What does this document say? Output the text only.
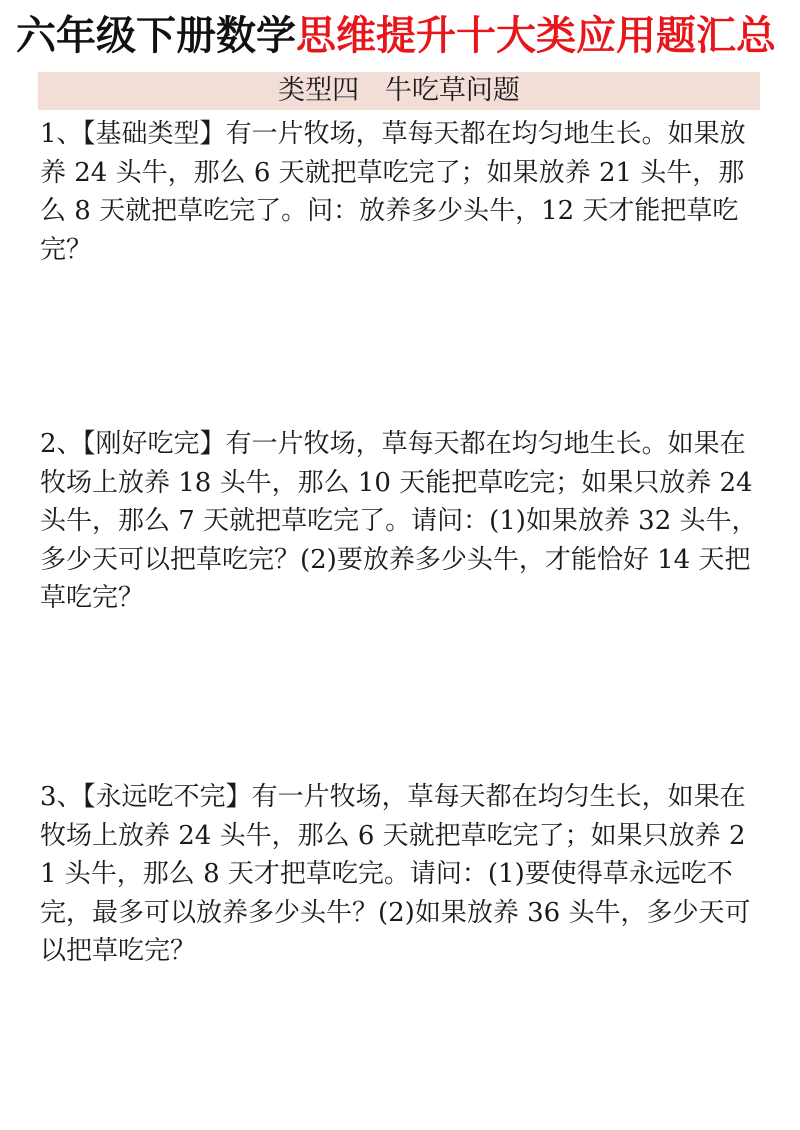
六年级下册数学思维提升十大类应用题汇总
类型四   牛吃草问题

1、【基础类型】有一片牧场，草每天都在均匀地生长。如果放养 24 头牛，那么 6 天就把草吃完了；如果放养 21 头牛，那么 8 天就把草吃完了。问：放养多少头牛，12 天才能把草吃完？

2、【刚好吃完】有一片牧场，草每天都在均匀地生长。如果在牧场上放养 18 头牛，那么 10 天能把草吃完；如果只放养 24 头牛，那么 7 天就把草吃完了。请问：(1)如果放养 32 头牛，多少天可以把草吃完？(2)要放养多少头牛，才能恰好 14 天把草吃完？

3、【永远吃不完】有一片牧场，草每天都在均匀生长，如果在牧场上放养 24 头牛，那么 6 天就把草吃完了；如果只放养 21 头牛，那么 8 天才把草吃完。请问：(1)要使得草永远吃不完，最多可以放养多少头牛？(2)如果放养 36 头牛，多少天可以把草吃完？
